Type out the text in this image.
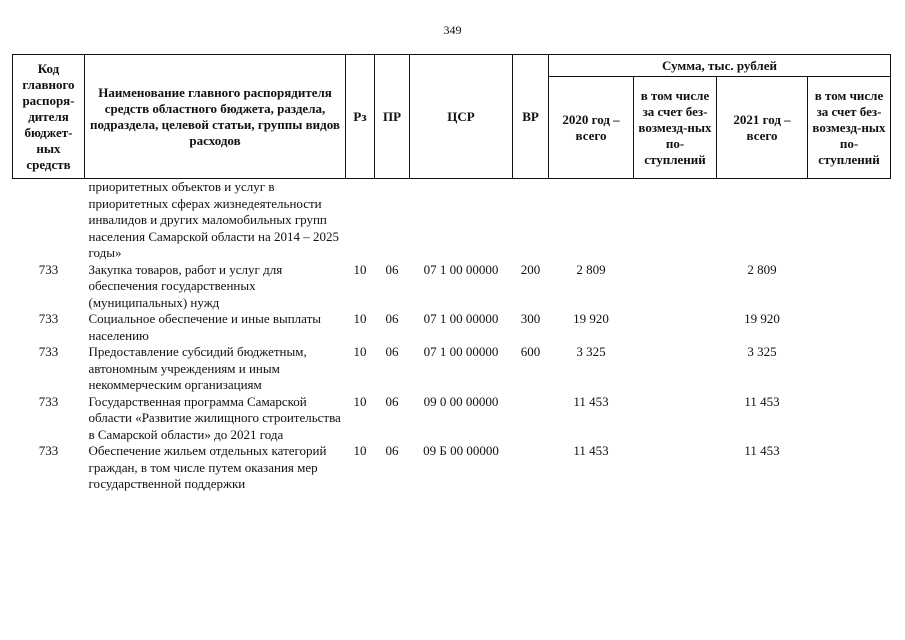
349
Код главного распоря-дителя бюджет-ных средств	Наименование главного распорядителя средств областного бюджета, раздела, подраздела, целевой статьи, группы видов расходов	Рз	ПР	ЦСР	ВР	Сумма, тыс. рублей			
						2020 год – всего	в том числе за счет без-возмезд-ных по-ступлений	2021 год – всего	в том числе за счет без-возмезд-ных по-ступлений
	приоритетных объектов и услуг в приоритетных сферах жизнедеятельности инвалидов и других маломобильных групп населения Самарской области на 2014 – 2025 годы»								
733	Закупка товаров, работ и услуг для обеспечения государственных (муниципальных) нужд	10	06	07 1 00 00000	200	2 809		2 809	
733	Социальное обеспечение и иные выплаты населению	10	06	07 1 00 00000	300	19 920		19 920	
733	Предоставление субсидий бюджетным, автономным учреждениям и иным некоммерческим организациям	10	06	07 1 00 00000	600	3 325		3 325	
733	Государственная программа Самарской области «Развитие жилищного строительства в Самарской области» до 2021 года	10	06	09 0 00 00000		11 453		11 453	
733	Обеспечение жильем отдельных категорий граждан, в том числе путем оказания мер государственной поддержки	10	06	09 Б 00 00000		11 453		11 453	
